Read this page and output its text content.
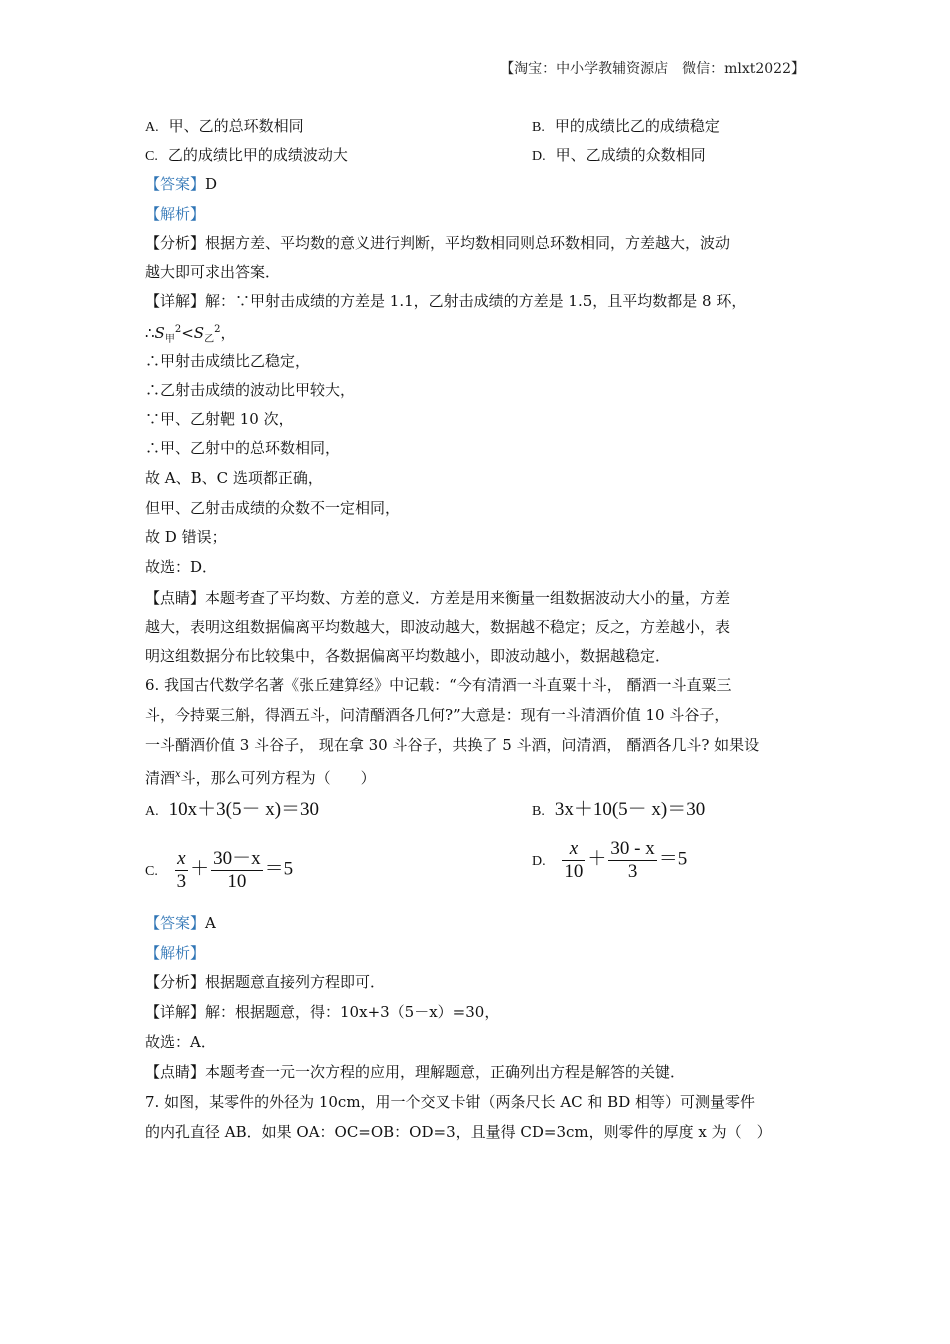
【淘宝：中小学教辅资源店　微信：mlxt2022】
A. 甲、乙的总环数相同	B. 甲的成绩比乙的成绩稳定
C. 乙的成绩比甲的成绩波动大	D. 甲、乙成绩的众数相同
【答案】D
【解析】
【分析】根据方差、平均数的意义进行判断，平均数相同则总环数相同，方差越大，波动
越大即可求出答案．
【详解】解：∵甲射击成绩的方差是 1.1，乙射击成绩的方差是 1.5，且平均数都是 8 环，
$\therefore S_甲^2<S_乙^2$，
∴甲射击成绩比乙稳定，
∴乙射击成绩的波动比甲较大，
∵甲、乙射靶 10 次，
∴甲、乙射中的总环数相同，
故 A、B、C 选项都正确，
但甲、乙射击成绩的众数不一定相同，
故 D 错误；
故选：D．
【点睛】本题考查了平均数、方差的意义．方差是用来衡量一组数据波动大小的量，方差
越大，表明这组数据偏离平均数越大，即波动越大，数据越不稳定；反之，方差越小，表
明这组数据分布比较集中，各数据偏离平均数越小，即波动越小，数据越稳定．
6. 我国古代数学名著《张丘建算经》中记载：“今有清酒一斗直粟十斗， 醑酒一斗直粟三
斗，今持粟三斛，得酒五斗，问清醑酒各几何?”大意是：现有一斗清酒价值 10 斗谷子，
一斗醑酒价值 3 斗谷子， 现在拿 30 斗谷子，共换了 5 斗酒，问清酒， 醑酒各几斗? 如果设
清酒$^x$斗，那么可列方程为（　　）
A. 10x＋3(5－ x)＝30	B. 3x＋10(5－ x)＝30
C. $\frac{x}{3} + \frac{30-x}{10} =5$	D. $\frac{x}{10} + \frac{30 - x}{3} =5$
【答案】A
【解析】
【分析】根据题意直接列方程即可．
【详解】解：根据题意，得：10x+3（5－x）=30，
故选：A．
【点睛】本题考查一元一次方程的应用，理解题意，正确列出方程是解答的关键．
7. 如图，某零件的外径为 10cm，用一个交叉卡钳（两条尺长 AC 和 BD 相等）可测量零件
的内孔直径 AB．如果 OA：OC=OB：OD=3，且量得 CD=3cm，则零件的厚度 x 为（　）
